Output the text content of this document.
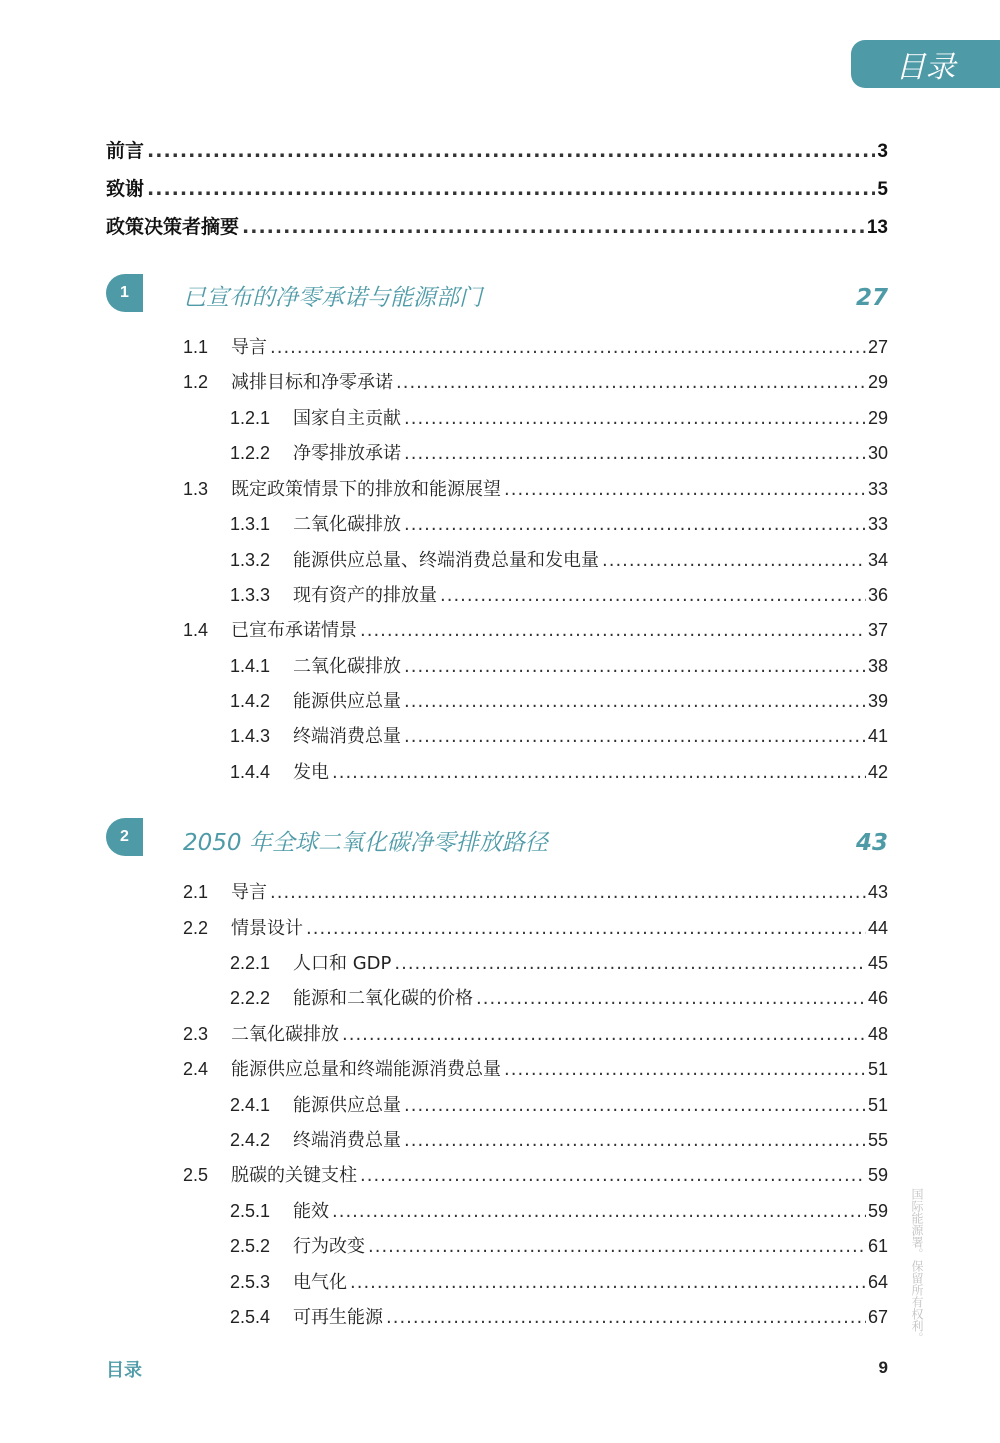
目录
前言 .....	3
致谢 .....	5
政策决策者摘要 .....	13
1	已宣布的净零承诺与能源部门	27
1.1	导言 .....	27
1.2	减排目标和净零承诺 .....	29
1.2.1	国家自主贡献 .....	29
1.2.2	净零排放承诺 .....	30
1.3	既定政策情景下的排放和能源展望 .....	33
1.3.1	二氧化碳排放 .....	33
1.3.2	能源供应总量、终端消费总量和发电量 .....	34
1.3.3	现有资产的排放量 .....	36
1.4	已宣布承诺情景 .....	37
1.4.1	二氧化碳排放 .....	38
1.4.2	能源供应总量 .....	39
1.4.3	终端消费总量 .....	41
1.4.4	发电 .....	42
2	2050 年全球二氧化碳净零排放路径	43
2.1	导言 .....	43
2.2	情景设计 .....	44
2.2.1	人口和 GDP .....	45
2.2.2	能源和二氧化碳的价格 .....	46
2.3	二氧化碳排放 .....	48
2.4	能源供应总量和终端能源消费总量 .....	51
2.4.1	能源供应总量 .....	51
2.4.2	终端消费总量 .....	55
2.5	脱碳的关键支柱 .....	59
2.5.1	能效 .....	59
2.5.2	行为改变 .....	61
2.5.3	电气化 .....	64
2.5.4	可再生能源 .....	67
目录	9
国际能源署。保留所有权利。
